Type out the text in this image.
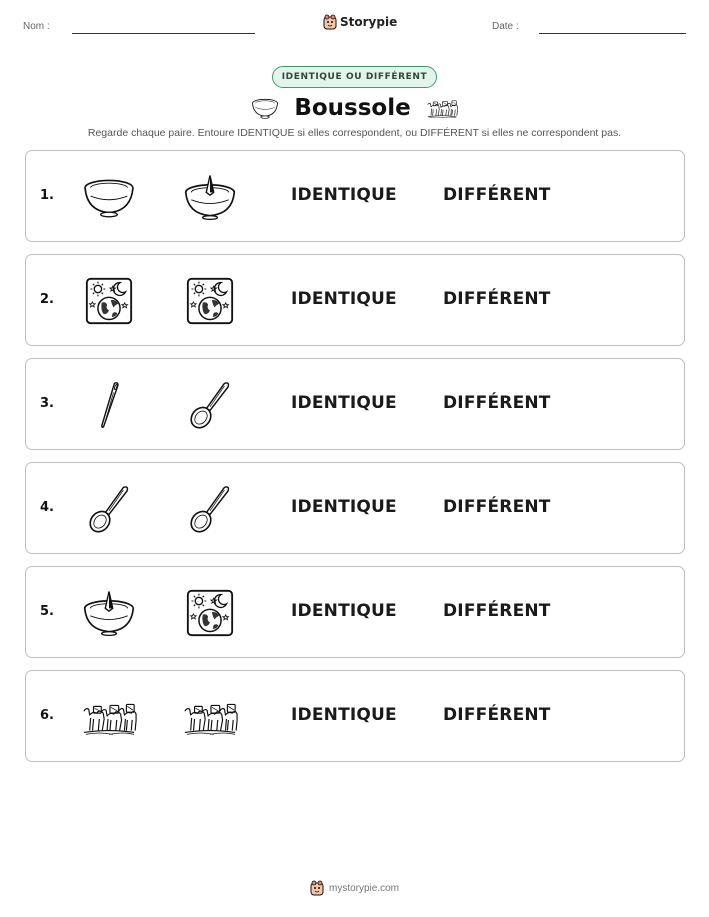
Nom :	Storypie	Date :
IDENTIQUE OU DIFFÉRENT
Boussole
Regarde chaque paire. Entoure IDENTIQUE si elles correspondent, ou DIFFÉRENT si elles ne correspondent pas.
1.	IDENTIQUE	DIFFÉRENT
2.	IDENTIQUE	DIFFÉRENT
3.	IDENTIQUE	DIFFÉRENT
4.	IDENTIQUE	DIFFÉRENT
5.	IDENTIQUE	DIFFÉRENT
6.	IDENTIQUE	DIFFÉRENT
mystorypie.com
